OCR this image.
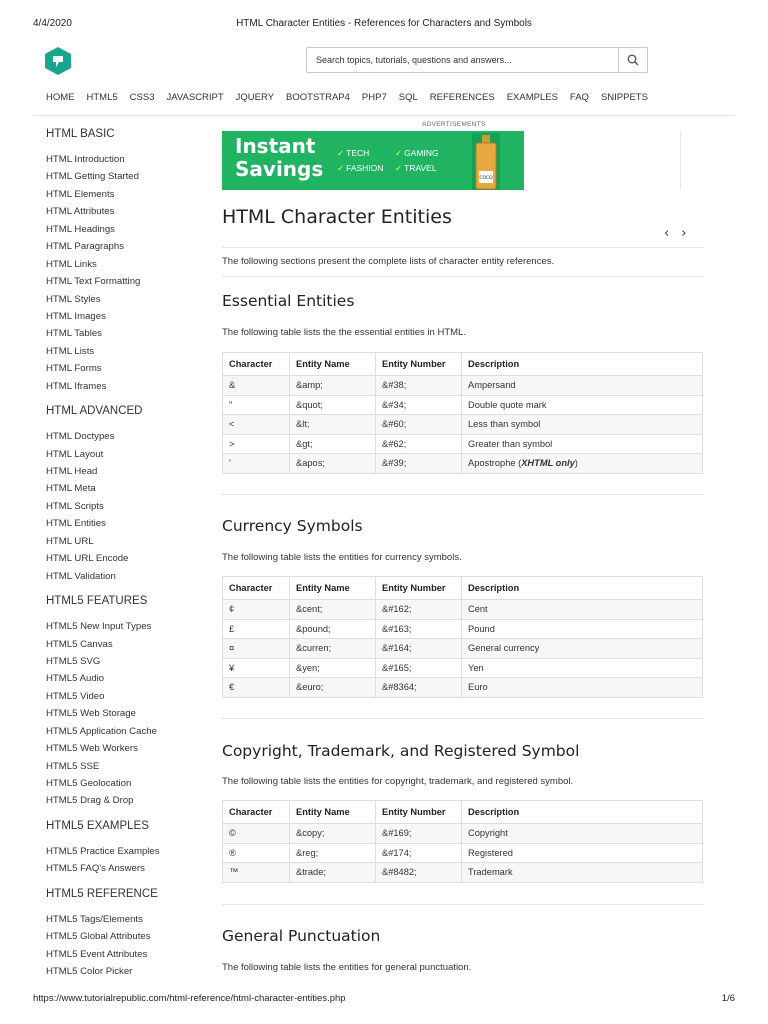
4/4/2020	HTML Character Entities - References for Characters and Symbols
Search topics, tutorials, questions and answers...
HOME HTML5 CSS3 JAVASCRIPT JQUERY BOOTSTRAP4 PHP7 SQL REFERENCES EXAMPLES FAQ SNIPPETS
HTML BASIC
HTML Introduction
HTML Getting Started
HTML Elements
HTML Attributes
HTML Headings
HTML Paragraphs
HTML Links
HTML Text Formatting
HTML Styles
HTML Images
HTML Tables
HTML Lists
HTML Forms
HTML Iframes
HTML ADVANCED
HTML Doctypes
HTML Layout
HTML Head
HTML Meta
HTML Scripts
HTML Entities
HTML URL
HTML URL Encode
HTML Validation
HTML5 FEATURES
HTML5 New Input Types
HTML5 Canvas
HTML5 SVG
HTML5 Audio
HTML5 Video
HTML5 Web Storage
HTML5 Application Cache
HTML5 Web Workers
HTML5 SSE
HTML5 Geolocation
HTML5 Drag & Drop
HTML5 EXAMPLES
HTML5 Practice Examples
HTML5 FAQ's Answers
HTML5 REFERENCE
HTML5 Tags/Elements
HTML5 Global Attributes
HTML5 Event Attributes
HTML5 Color Picker
ADVERTISEMENTS
Instant
Savings
✓ TECH	✓ GAMING
✓ FASHION ✓ TRAVEL
COCO
HTML Character Entities
‹›
The following sections present the complete lists of character entity references.
Essential Entities
The following table lists the the essential entities in HTML.
Character	Entity Name	Entity Number	Description
&	&amp;	&#38;	Ampersand
"	&quot;	&#34;	Double quote mark
<	&lt;	&#60;	Less than symbol
>	&gt;	&#62;	Greater than symbol
'	&apos;	&#39;	Apostrophe (XHTML only)
Currency Symbols
The following table lists the entities for currency symbols.
Character	Entity Name	Entity Number	Description
¢	&cent;	&#162;	Cent
£	&pound;	&#163;	Pound
¤	&curren;	&#164;	General currency
¥	&yen;	&#165;	Yen
€	&euro;	&#8364;	Euro
Copyright, Trademark, and Registered Symbol
The following table lists the entities for copyright, trademark, and registered symbol.
Character	Entity Name	Entity Number	Description
©	&copy;	&#169;	Copyright
®	&reg;	&#174;	Registered
™	&trade;	&#8482;	Trademark
General Punctuation
The following table lists the entities for general punctuation.
https://www.tutorialrepublic.com/html-reference/html-character-entities.php	1/6
